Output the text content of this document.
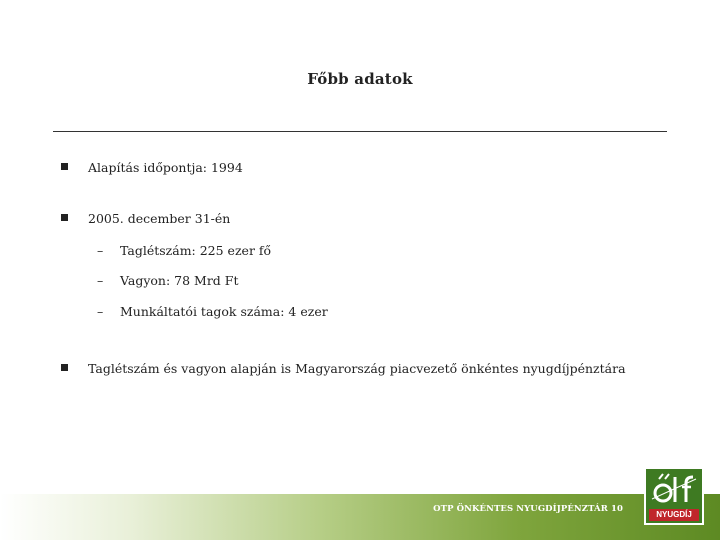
Főbb adatok
Alapítás időpontja: 1994
2005. december 31-én
– Taglétszám: 225 ezer fő
– Vagyon: 78 Mrd Ft
– Munkáltatói tagok száma: 4 ezer
Taglétszám és vagyon alapján is Magyarország piacvezető önkéntes nyugdíjpénztára
OTP ÖNKÉNTES NYUGDÍJPÉNZTÁR 10
NYUGDÍJ
